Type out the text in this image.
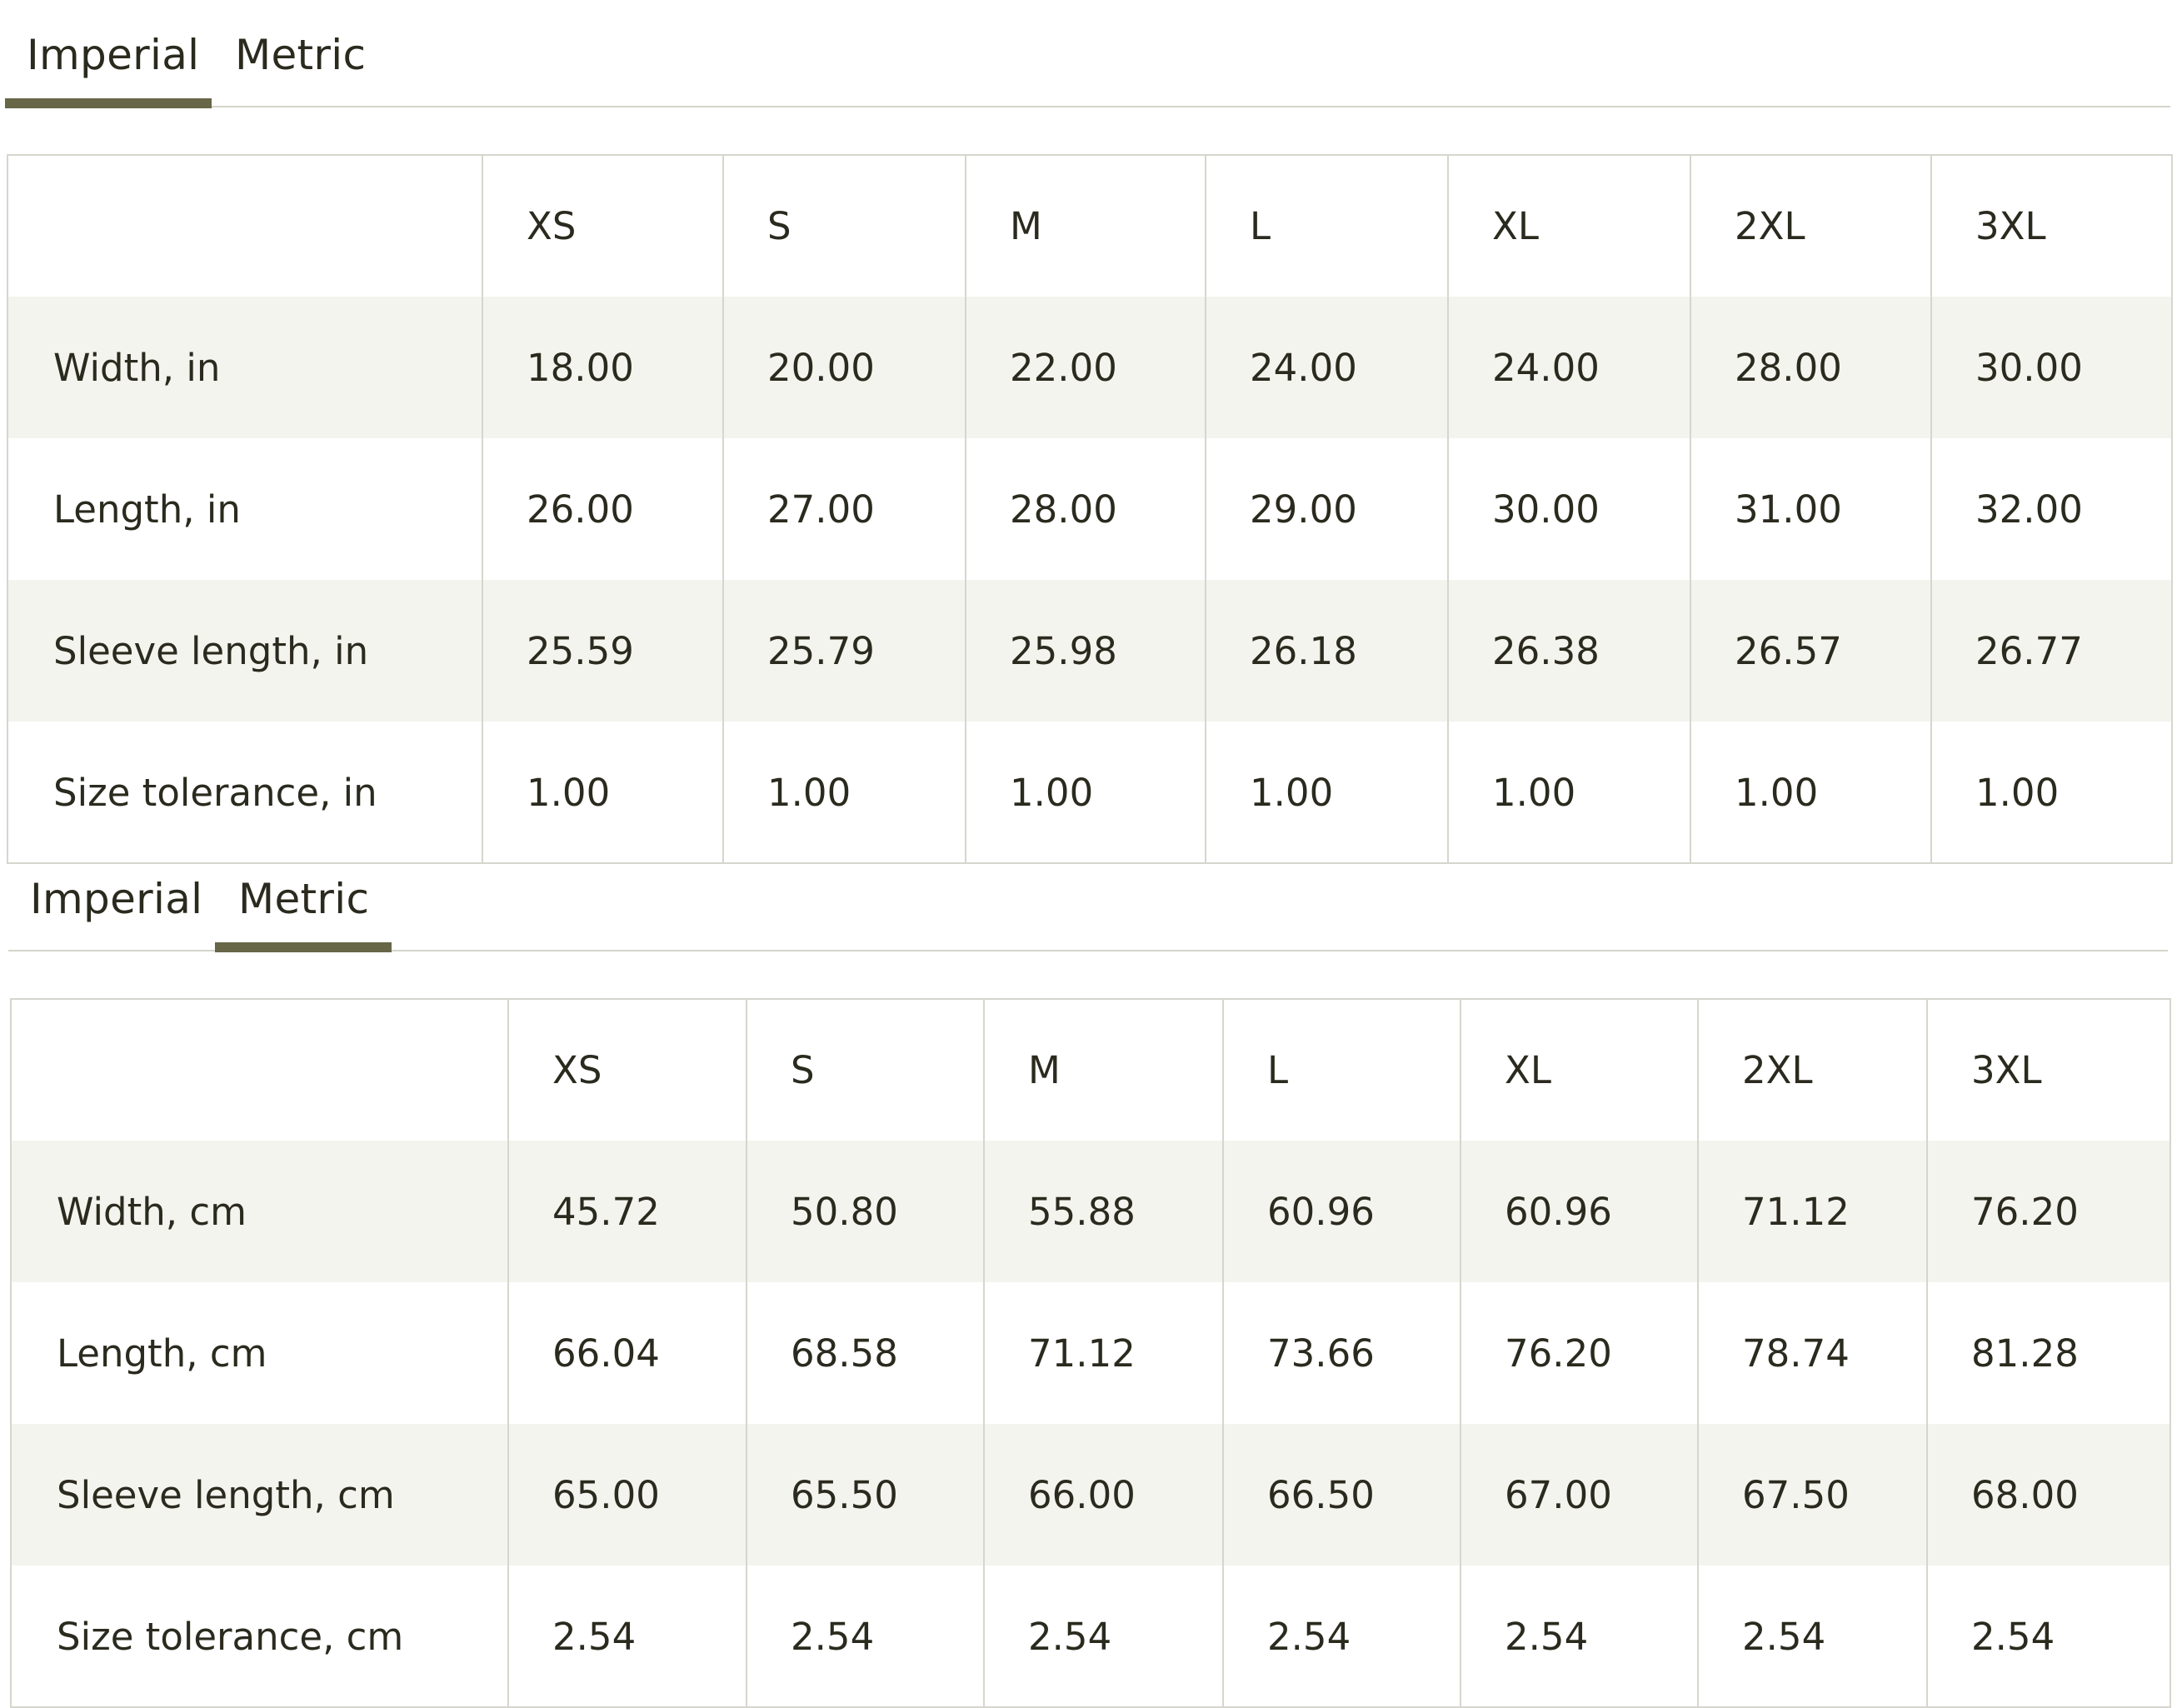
Imperial Metric
	XS	S	M	L	XL	2XL	3XL
Width, in	18.00	20.00	22.00	24.00	24.00	28.00	30.00
Length, in	26.00	27.00	28.00	29.00	30.00	31.00	32.00
Sleeve length, in	25.59	25.79	25.98	26.18	26.38	26.57	26.77
Size tolerance, in	1.00	1.00	1.00	1.00	1.00	1.00	1.00
Imperial Metric
	XS	S	M	L	XL	2XL	3XL
Width, cm	45.72	50.80	55.88	60.96	60.96	71.12	76.20
Length, cm	66.04	68.58	71.12	73.66	76.20	78.74	81.28
Sleeve length, cm	65.00	65.50	66.00	66.50	67.00	67.50	68.00
Size tolerance, cm	2.54	2.54	2.54	2.54	2.54	2.54	2.54
